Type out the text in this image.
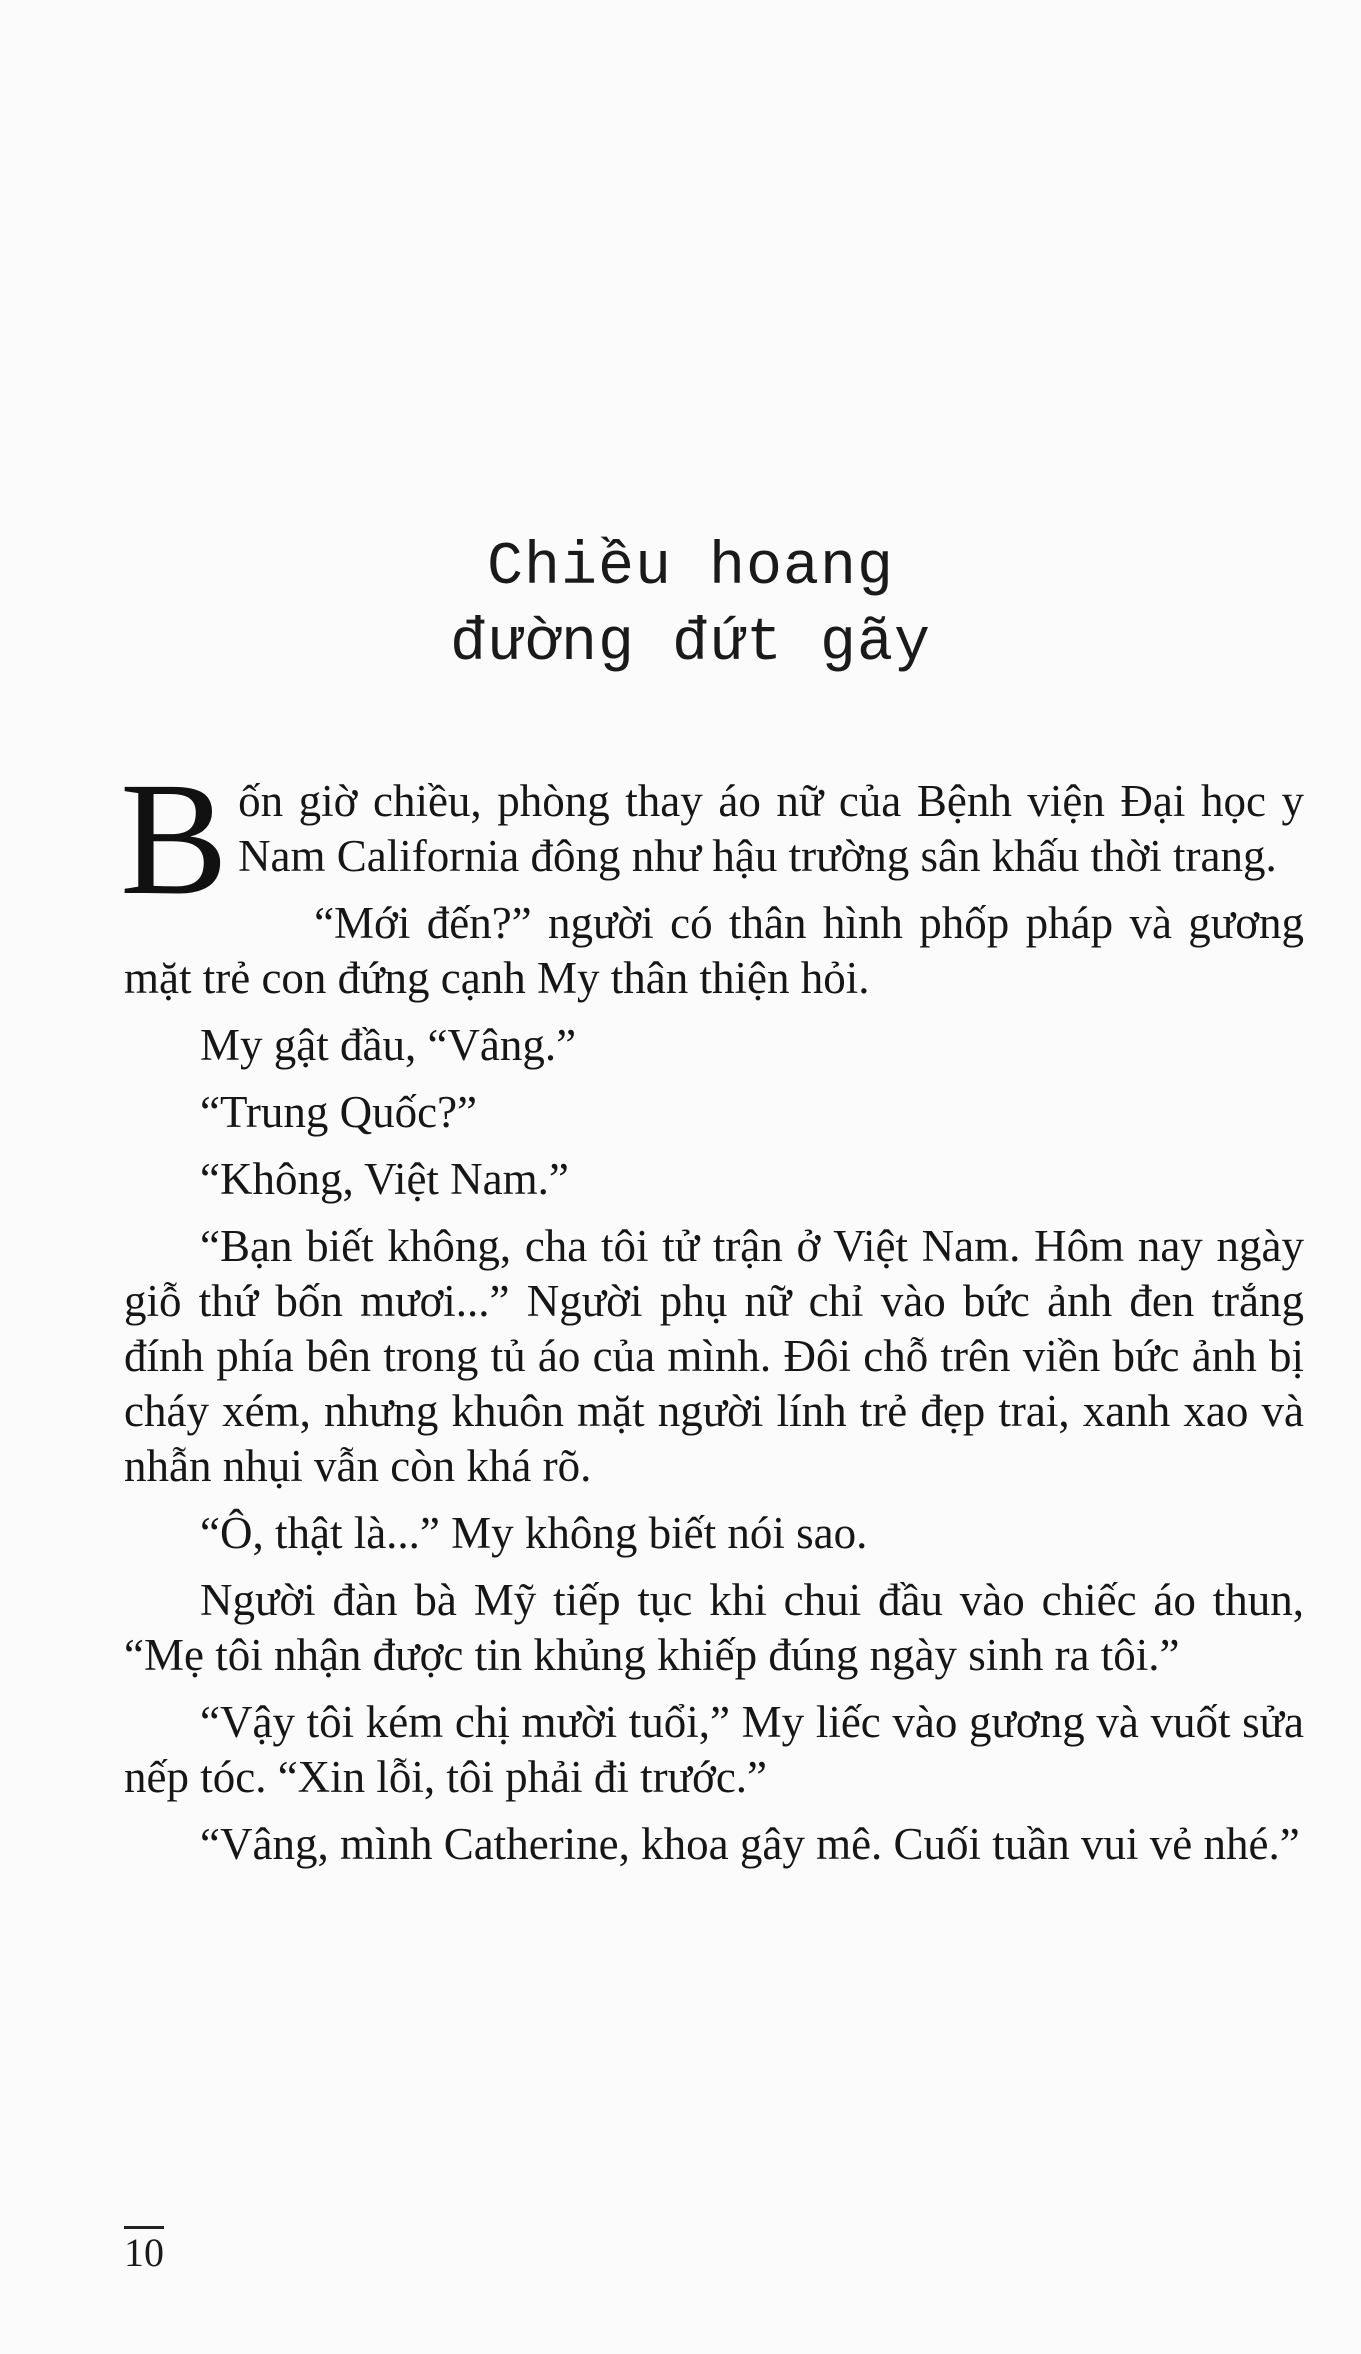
Chiều hoang
đường đứt gãy

Bốn giờ chiều, phòng thay áo nữ của Bệnh viện Đại học y Nam California đông như hậu trường sân khấu thời trang.

“Mới đến?” người có thân hình phốp pháp và gương mặt trẻ con đứng cạnh My thân thiện hỏi.

My gật đầu, “Vâng.”

“Trung Quốc?”

“Không, Việt Nam.”

“Bạn biết không, cha tôi tử trận ở Việt Nam. Hôm nay ngày giỗ thứ bốn mươi...” Người phụ nữ chỉ vào bức ảnh đen trắng đính phía bên trong tủ áo của mình. Đôi chỗ trên viền bức ảnh bị cháy xém, nhưng khuôn mặt người lính trẻ đẹp trai, xanh xao và nhẫn nhụi vẫn còn khá rõ.

“Ô, thật là...” My không biết nói sao.

Người đàn bà Mỹ tiếp tục khi chui đầu vào chiếc áo thun, “Mẹ tôi nhận được tin khủng khiếp đúng ngày sinh ra tôi.”

“Vậy tôi kém chị mười tuổi,” My liếc vào gương và vuốt sửa nếp tóc. “Xin lỗi, tôi phải đi trước.”

“Vâng, mình Catherine, khoa gây mê. Cuối tuần vui vẻ nhé.”

10
